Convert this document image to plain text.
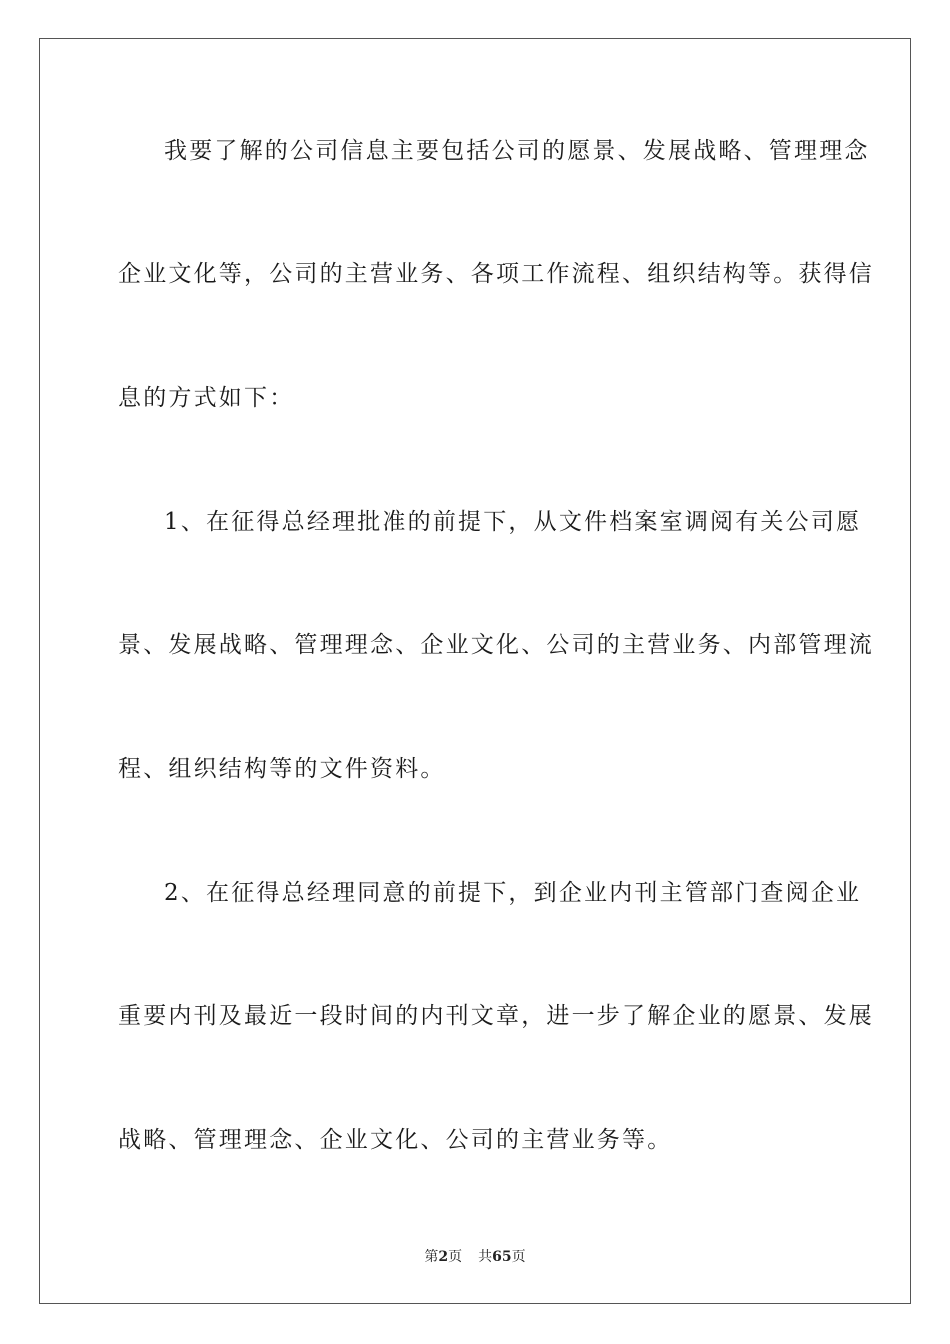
我要了解的公司信息主要包括公司的愿景、发展战略、管理理念
企业文化等，公司的主营业务、各项工作流程、组织结构等。获得信
息的方式如下：
1、在征得总经理批准的前提下，从文件档案室调阅有关公司愿
景、发展战略、管理理念、企业文化、公司的主营业务、内部管理流
程、组织结构等的文件资料。
2、在征得总经理同意的前提下，到企业内刊主管部门查阅企业
重要内刊及最近一段时间的内刊文章，进一步了解企业的愿景、发展
战略、管理理念、企业文化、公司的主营业务等。
第2页 共65页
